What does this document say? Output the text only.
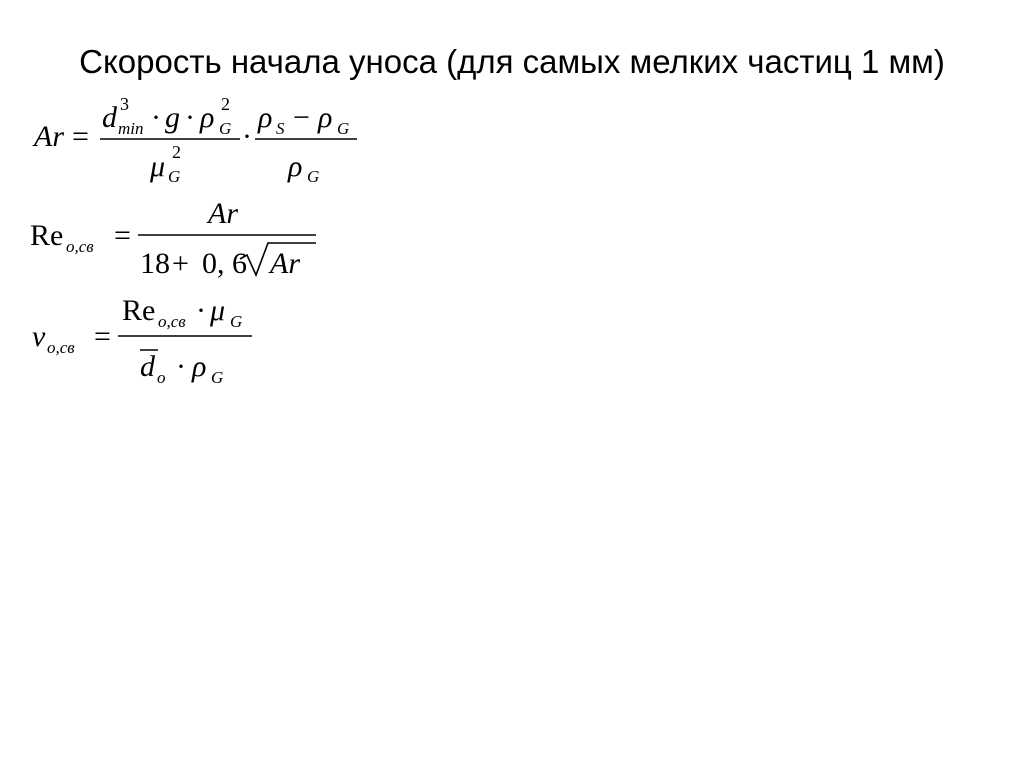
Скорость начала уноса (для самых мелких частиц 1 мм)
Ar =
d 3
min · g · ρ 2
G
μ 2
G
·
ρ S − ρ G
ρ G
Re о,св =
Ar
18 + 0, 6 Ar
v о,св =
Re о,св · μ G
d о · ρ G
